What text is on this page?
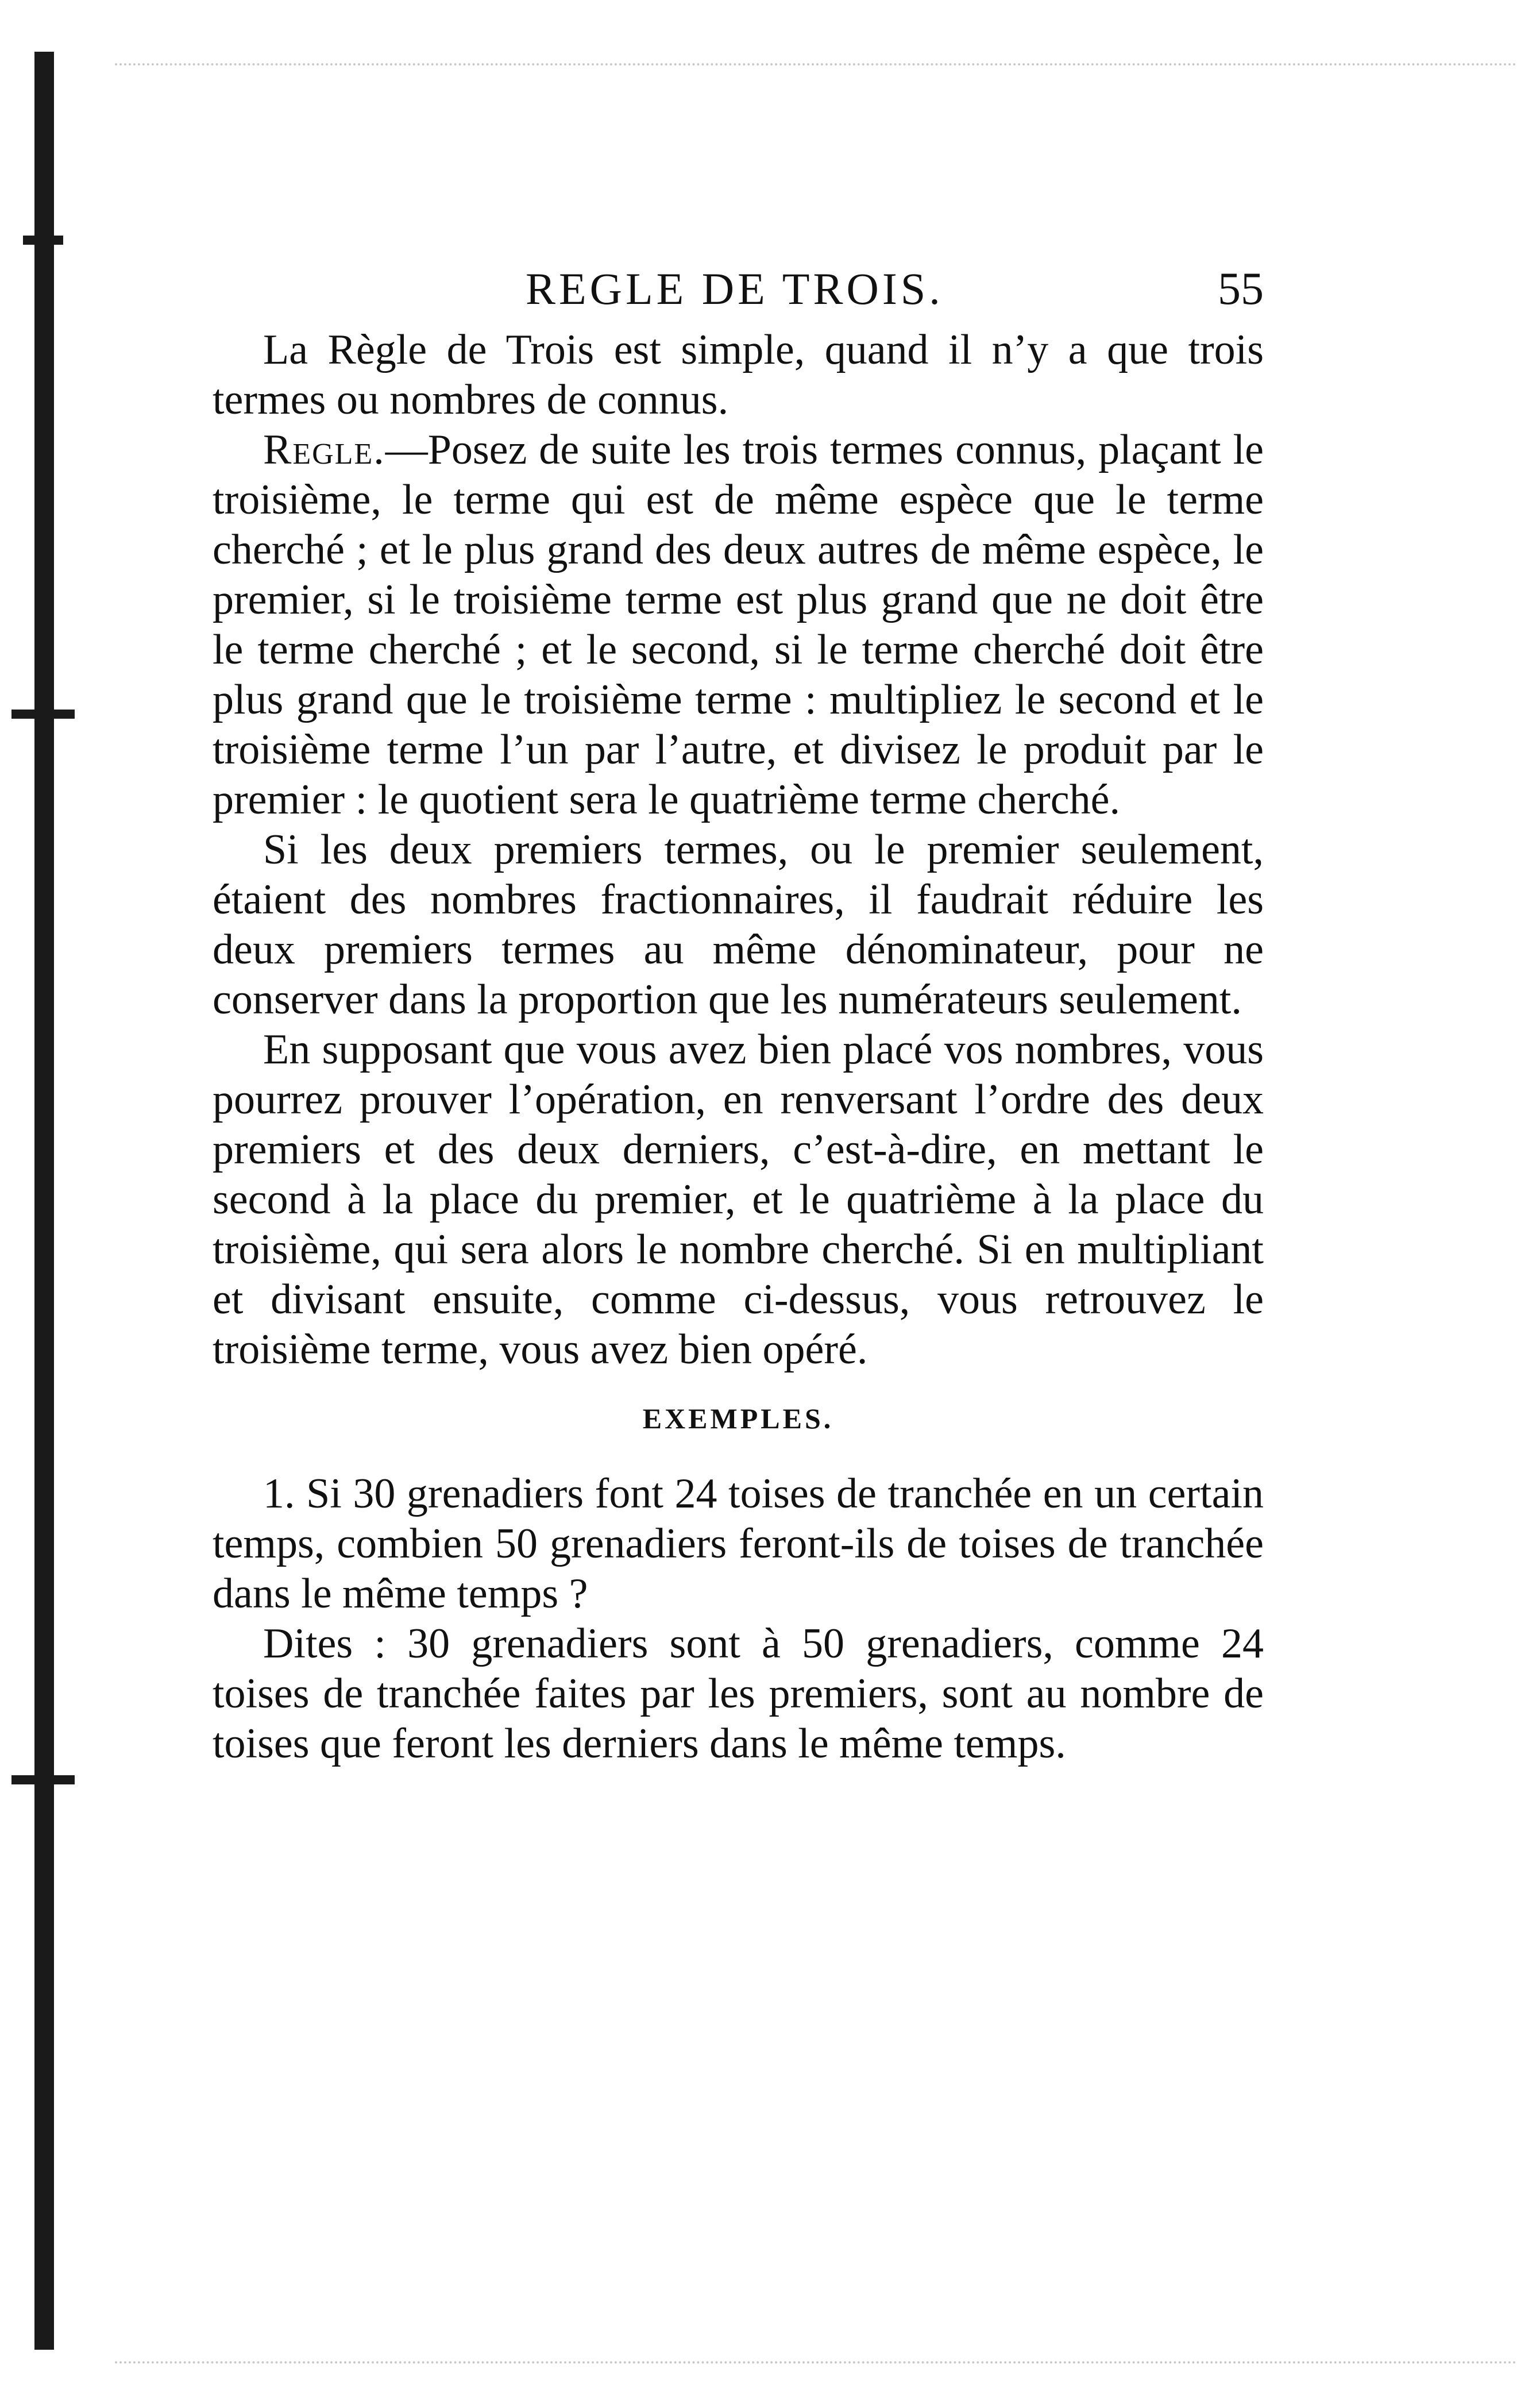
REGLE DE TROIS.	55

La Règle de Trois est simple, quand il n’y a que trois termes ou nombres de connus.

Regle.—Posez de suite les trois termes connus, plaçant le troisième, le terme qui est de même espèce que le terme cherché ; et le plus grand des deux autres de même espèce, le premier, si le troisième terme est plus grand que ne doit être le terme cherché ; et le second, si le terme cherché doit être plus grand que le troisième terme : multipliez le second et le troisième terme l’un par l’autre, et divisez le produit par le premier : le quotient sera le quatrième terme cherché.

Si les deux premiers termes, ou le premier seulement, étaient des nombres fractionnaires, il faudrait réduire les deux premiers termes au même dénominateur, pour ne conserver dans la proportion que les numérateurs seulement.

En supposant que vous avez bien placé vos nombres, vous pourrez prouver l’opération, en renversant l’ordre des deux premiers et des deux derniers, c’est-à-dire, en mettant le second à la place du premier, et le quatrième à la place du troisième, qui sera alors le nombre cherché. Si en multipliant et divisant ensuite, comme ci-dessus, vous retrouvez le troisième terme, vous avez bien opéré.

EXEMPLES.

1. Si 30 grenadiers font 24 toises de tranchée en un certain temps, combien 50 grenadiers feront-ils de toises de tranchée dans le même temps ?

Dites : 30 grenadiers sont à 50 grenadiers, comme 24 toises de tranchée faites par les premiers, sont au nombre de toises que feront les derniers dans le même temps.
